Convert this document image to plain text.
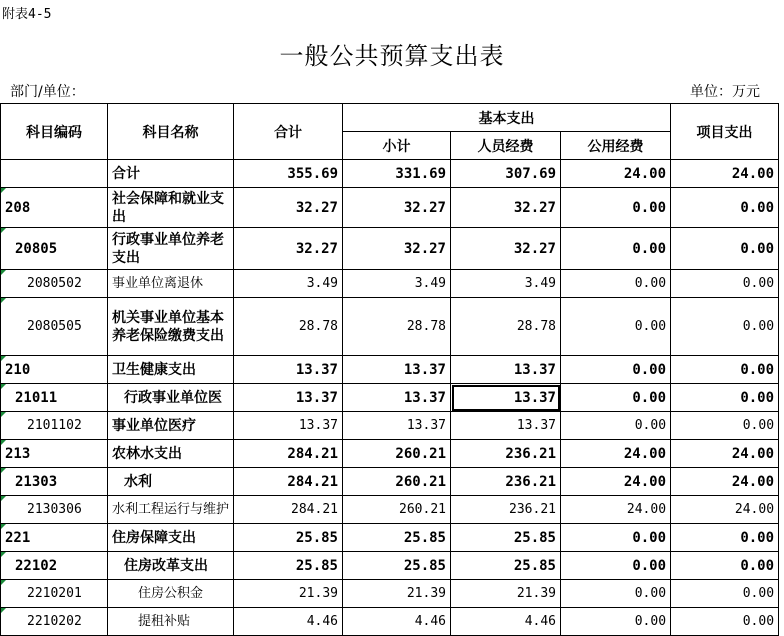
附表4-5
一般公共预算支出表
部门/单位：	单位：万元
科目编码	科目名称	合计	基本支出			项目支出
			小计	人员经费	公用经费	
	合计	355.69	331.69	307.69	24.00	24.00
208	社会保障和就业支出	32.27	32.27	32.27	0.00	0.00
20805	行政事业单位养老支出	32.27	32.27	32.27	0.00	0.00
2080502	事业单位离退休	3.49	3.49	3.49	0.00	0.00
2080505	机关事业单位基本养老保险缴费支出	28.78	28.78	28.78	0.00	0.00
210	卫生健康支出	13.37	13.37	13.37	0.00	0.00
21011	行政事业单位医	13.37	13.37	13.37	0.00	0.00
2101102	事业单位医疗	13.37	13.37	13.37	0.00	0.00
213	农林水支出	284.21	260.21	236.21	24.00	24.00
21303	水利	284.21	260.21	236.21	24.00	24.00
2130306	水利工程运行与维护	284.21	260.21	236.21	24.00	24.00
221	住房保障支出	25.85	25.85	25.85	0.00	0.00
22102	住房改革支出	25.85	25.85	25.85	0.00	0.00
2210201	住房公积金	21.39	21.39	21.39	0.00	0.00
2210202	提租补贴	4.46	4.46	4.46	0.00	0.00
